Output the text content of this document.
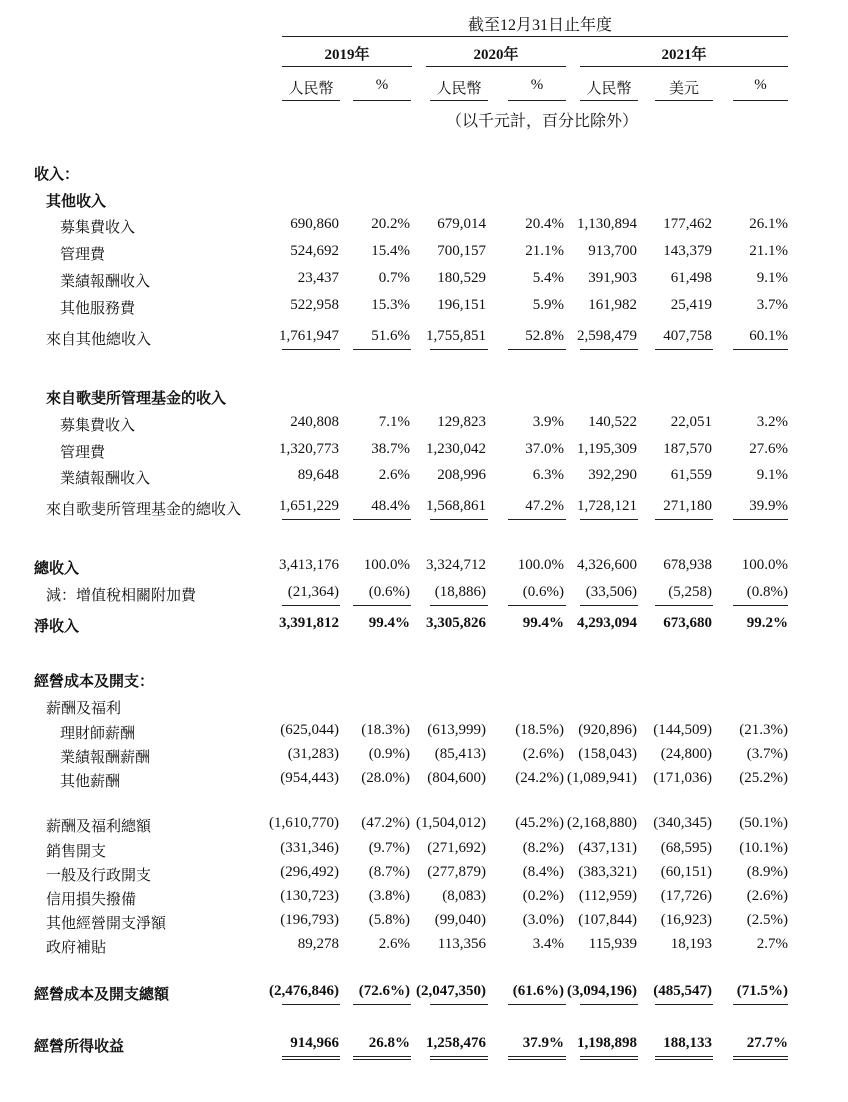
截至12月31日止年度
2019年	2020年	2021年
人民幣	%	人民幣	%	人民幣	美元	%
（以千元計，百分比除外）
收入：
其他收入
募集費收入	690,860	20.2%	679,014	20.4% 1,130,894	177,462	26.1%
管理費	524,692	15.4%	700,157	21.1%	913,700	143,379	21.1%
業績報酬收入	23,437	0.7%	180,529	5.4%	391,903	61,498	9.1%
其他服務費	522,958	15.3%	196,151	5.9%	161,982	25,419	3.7%
來自其他總收入	1,761,947	51.6%	1,755,851	52.8% 2,598,479	407,758	60.1%
來自歌斐所管理基金的收入
募集費收入	240,808	7.1%	129,823	3.9%	140,522	22,051	3.2%
管理費	1,320,773	38.7%	1,230,042	37.0% 1,195,309	187,570	27.6%
業績報酬收入	89,648	2.6%	208,996	6.3%	392,290	61,559	9.1%
來自歌斐所管理基金的總收入	1,651,229	48.4%	1,568,861	47.2% 1,728,121	271,180	39.9%
總收入	3,413,176	100.0%	3,324,712	100.0% 4,326,600	678,938	100.0%
減：增值稅相關附加費	(21,364)	(0.6%)	(18,886)	(0.6%)	(33,506)	(5,258)	(0.8%)
淨收入	3,391,812	99.4%	3,305,826	99.4% 4,293,094	673,680	99.2%
經營成本及開支：
薪酬及福利
理財師薪酬	(625,044)	(18.3%)	(613,999)	(18.5%) (920,896)	(144,509)	(21.3%)
業績報酬薪酬	(31,283)	(0.9%)	(85,413)	(2.6%) (158,043)	(24,800)	(3.7%)
其他薪酬	(954,443)	(28.0%)	(804,600)	(24.2%) (1,089,941)	(171,036)	(25.2%)
薪酬及福利總額	(1,610,770)	(47.2%) (1,504,012)	(45.2%) (2,168,880)	(340,345)	(50.1%)
銷售開支	(331,346)	(9.7%)	(271,692)	(8.2%) (437,131)	(68,595)	(10.1%)
一般及行政開支	(296,492)	(8.7%)	(277,879)	(8.4%) (383,321)	(60,151)	(8.9%)
信用損失撥備	(130,723)	(3.8%)	(8,083)	(0.2%) (112,959)	(17,726)	(2.6%)
其他經營開支淨額	(196,793)	(5.8%)	(99,040)	(3.0%) (107,844)	(16,923)	(2.5%)
政府補貼	89,278	2.6%	113,356	3.4%	115,939	18,193	2.7%
經營成本及開支總額	(2,476,846)	(72.6%) (2,047,350)	(61.6%) (3,094,196)	(485,547)	(71.5%)
經營所得收益	914,966	26.8%	1,258,476	37.9% 1,198,898	188,133	27.7%
